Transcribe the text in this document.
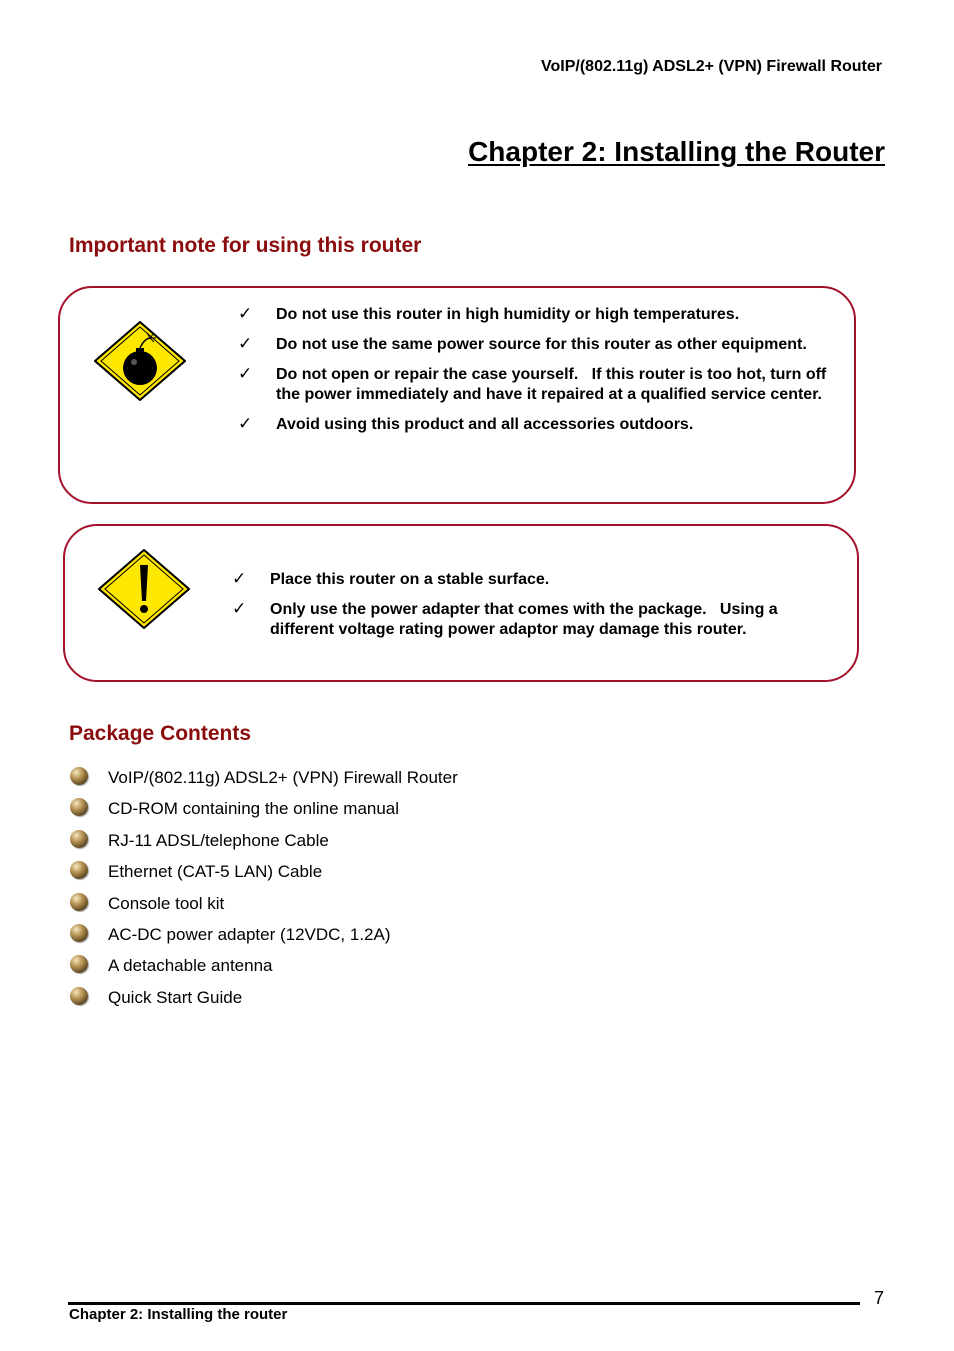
VoIP/(802.11g) ADSL2+ (VPN) Firewall Router
Chapter 2: Installing the Router
Important note for using this router
✓ Do not use this router in high humidity or high temperatures.
✓ Do not use the same power source for this router as other equipment.
✓ Do not open or repair the case yourself.   If this router is too hot, turn off the power immediately and have it repaired at a qualified service center.
✓ Avoid using this product and all accessories outdoors.
✓ Place this router on a stable surface.
✓ Only use the power adapter that comes with the package.   Using a different voltage rating power adaptor may damage this router.
Package Contents
VoIP/(802.11g) ADSL2+ (VPN) Firewall Router
CD-ROM containing the online manual
RJ-11 ADSL/telephone Cable
Ethernet (CAT-5 LAN) Cable
Console tool kit
AC-DC power adapter (12VDC, 1.2A)
A detachable antenna
Quick Start Guide
7
Chapter 2: Installing the router
